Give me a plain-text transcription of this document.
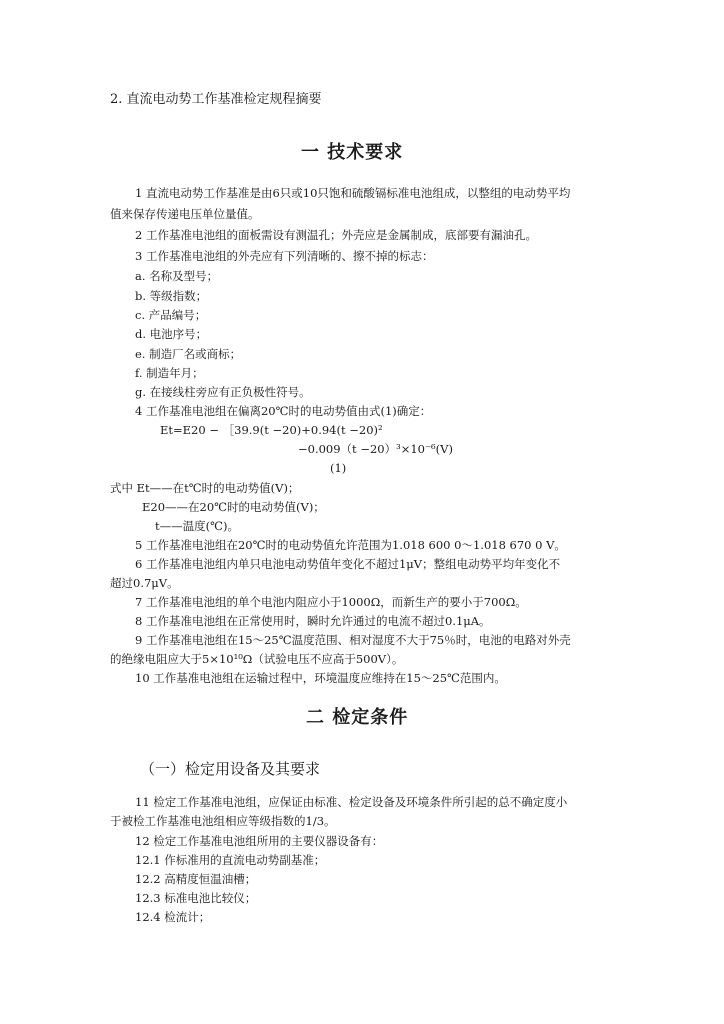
2. 直流电动势工作基准检定规程摘要
一 技术要求
1 直流电动势工作基准是由6只或10只饱和硫酸镉标准电池组成，以整组的电动势平均
值来保存传递电压单位量值。
2 工作基准电池组的面板需设有测温孔；外壳应是金属制成，底部要有漏油孔。
3 工作基准电池组的外壳应有下列清晰的、擦不掉的标志：
a. 名称及型号；
b. 等级指数；
c. 产品编号；
d. 电池序号；
e. 制造厂名或商标；
f. 制造年月；
g. 在接线柱旁应有正负极性符号。
4 工作基准电池组在偏离20℃时的电动势值由式(1)确定：
Et=E20 − ［39.9(t −20)+0.94(t −20)²
−0.009（t −20）³×10⁻⁶(V)
(1)
式中 Et——在t℃时的电动势值(V)；
E20——在20℃时的电动势值(V)；
t——温度(℃)。
5 工作基准电池组在20℃时的电动势值允许范围为1.018 600 0～1.018 670 0 V。
6 工作基准电池组内单只电池电动势值年变化不超过1μV；整组电动势平均年变化不
超过0.7μV。
7 工作基准电池组的单个电池内阻应小于1000Ω，而新生产的要小于700Ω。
8 工作基准电池组在正常使用时，瞬时允许通过的电流不超过0.1μA。
9 工作基准电池组在15～25℃温度范围、相对湿度不大于75％时，电池的电路对外壳
的绝缘电阻应大于5×10¹⁰Ω（试验电压不应高于500V）。
10 工作基准电池组在运输过程中，环境温度应维持在15～25℃范围内。
二 检定条件
（一）检定用设备及其要求
11 检定工作基准电池组，应保证由标准、检定设备及环境条件所引起的总不确定度小
于被检工作基准电池组相应等级指数的1/3。
12 检定工作基准电池组所用的主要仪器设备有：
12.1 作标准用的直流电动势副基准；
12.2 高精度恒温油槽；
12.3 标准电池比较仪；
12.4 检流计；
